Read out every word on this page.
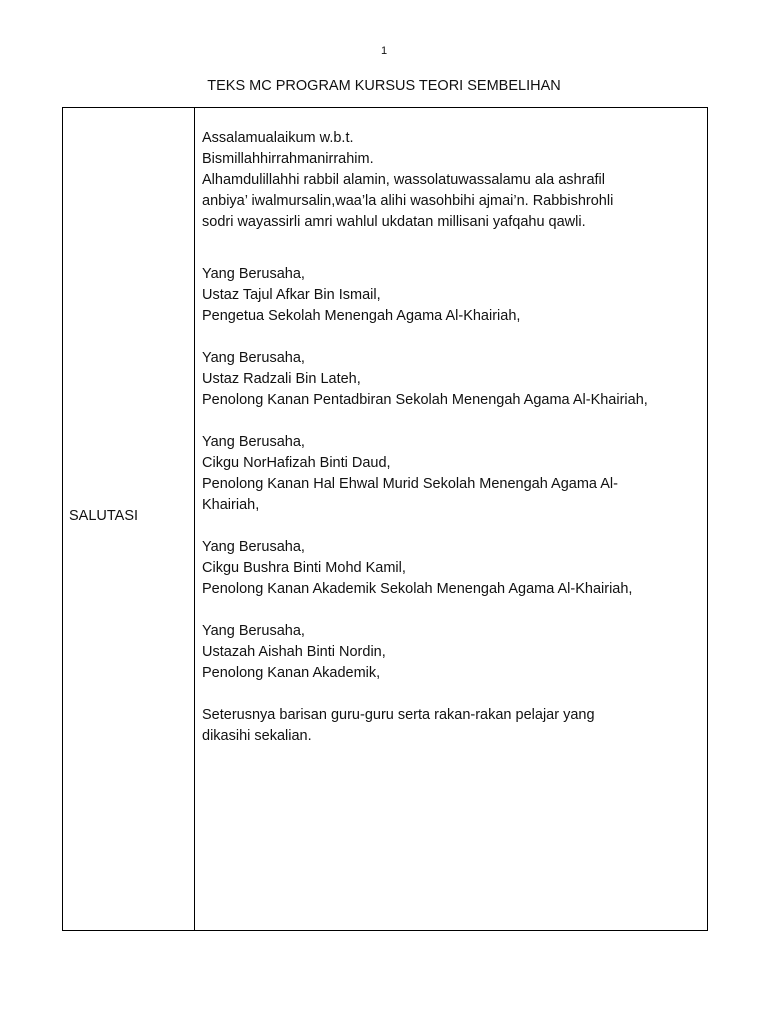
1
TEKS MC PROGRAM KURSUS TEORI SEMBELIHAN
SALUTASI

Assalamualaikum w.b.t.
Bismillahhirrahmanirrahim.
Alhamdulillahhi rabbil alamin, wassolatuwassalamu ala ashrafil
anbiya’ iwalmursalin,waa’la alihi wasohbihi ajmai’n. Rabbishrohli
sodri wayassirli amri wahlul ukdatan millisani yafqahu qawli.

Yang Berusaha,
Ustaz Tajul Afkar Bin Ismail,
Pengetua Sekolah Menengah Agama Al-Khairiah,

Yang Berusaha,
Ustaz Radzali Bin Lateh,
Penolong Kanan Pentadbiran Sekolah Menengah Agama Al-Khairiah,

Yang Berusaha,
Cikgu NorHafizah Binti Daud,
Penolong Kanan Hal Ehwal Murid Sekolah Menengah Agama Al-
Khairiah,

Yang Berusaha,
Cikgu Bushra Binti Mohd Kamil,
Penolong Kanan Akademik Sekolah Menengah Agama Al-Khairiah,

Yang Berusaha,
Ustazah Aishah Binti Nordin,
Penolong Kanan Akademik,

Seterusnya barisan guru-guru serta rakan-rakan pelajar yang
dikasihi sekalian.
